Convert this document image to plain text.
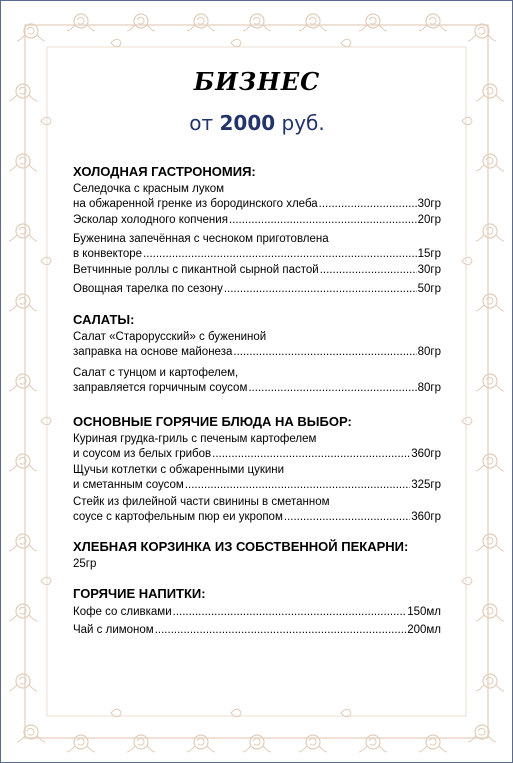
БИЗНЕС
от 2000 руб.
ХОЛОДНАЯ ГАСТРОНОМИЯ:
Селедочка с красным луком
на обжаренной гренке из бородинского хлеба .....	30гр
Эсколар холодного копчения .....	20гр
Буженина запечённая с чесноком приготовлена
в конвекторе .....	15гр
Ветчинные роллы с пикантной сырной пастой .....	30гр
Овощная тарелка по сезону .....	50гр
САЛАТЫ:
Салат «Старорусский» с бужениной
заправка на основе майонеза .....	80гр
Салат с тунцом и картофелем,
заправляется горчичным соусом .....	80гр
ОСНОВНЫЕ ГОРЯЧИЕ БЛЮДА НА ВЫБОР:
Куриная грудка-гриль с печеным картофелем
и соусом из белых грибов .....	360гр
Щучьи котлетки с обжаренными цукини
и сметанным соусом .....	325гр
Стейк из филейной части свинины в сметанном
соусе с картофельным пюр еи укропом .....	360гр
ХЛЕБНАЯ КОРЗИНКА ИЗ СОБСТВЕННОЙ ПЕКАРНИ:
25гр
ГОРЯЧИЕ НАПИТКИ:
Кофе со сливками .....	150мл
Чай с лимоном .....	200мл
